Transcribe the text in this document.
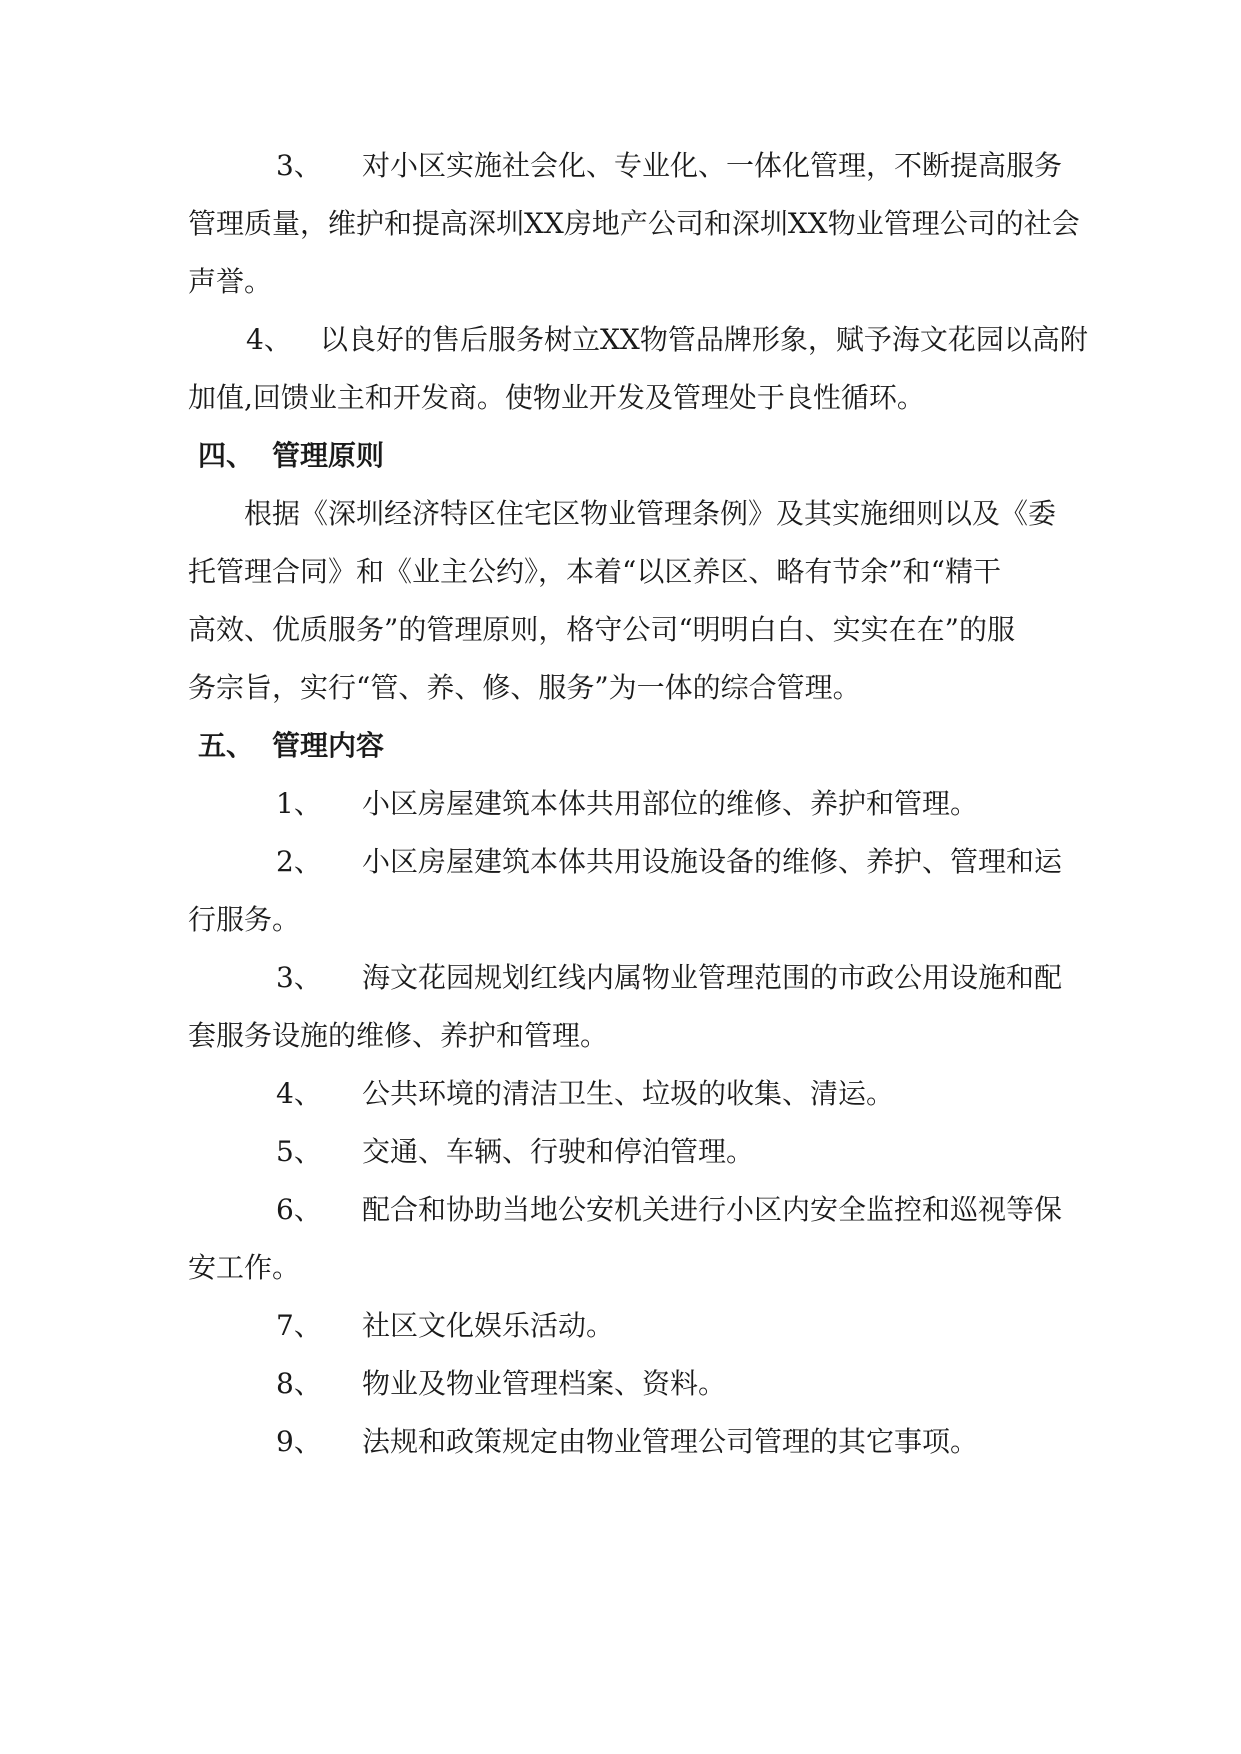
3、 对小区实施社会化、专业化、一体化管理，不断提高服务
管理质量，维护和提高深圳XX房地产公司和深圳XX物业管理公司的社会
声誉。
4、 以良好的售后服务树立XX物管品牌形象，赋予海文花园以高附
加值,回馈业主和开发商。使物业开发及管理处于良性循环。
四、 管理原则
根据《深圳经济特区住宅区物业管理条例》及其实施细则以及《委
托管理合同》和《业主公约》，本着“以区养区、略有节余”和“精干
高效、优质服务”的管理原则，格守公司“明明白白、实实在在”的服
务宗旨，实行“管、养、修、服务”为一体的综合管理。
五、 管理内容
1、 小区房屋建筑本体共用部位的维修、养护和管理。
2、 小区房屋建筑本体共用设施设备的维修、养护、管理和运
行服务。
3、 海文花园规划红线内属物业管理范围的市政公用设施和配
套服务设施的维修、养护和管理。
4、 公共环境的清洁卫生、垃圾的收集、清运。
5、 交通、车辆、行驶和停泊管理。
6、 配合和协助当地公安机关进行小区内安全监控和巡视等保
安工作。
7、 社区文化娱乐活动。
8、 物业及物业管理档案、资料。
9、 法规和政策规定由物业管理公司管理的其它事项。
